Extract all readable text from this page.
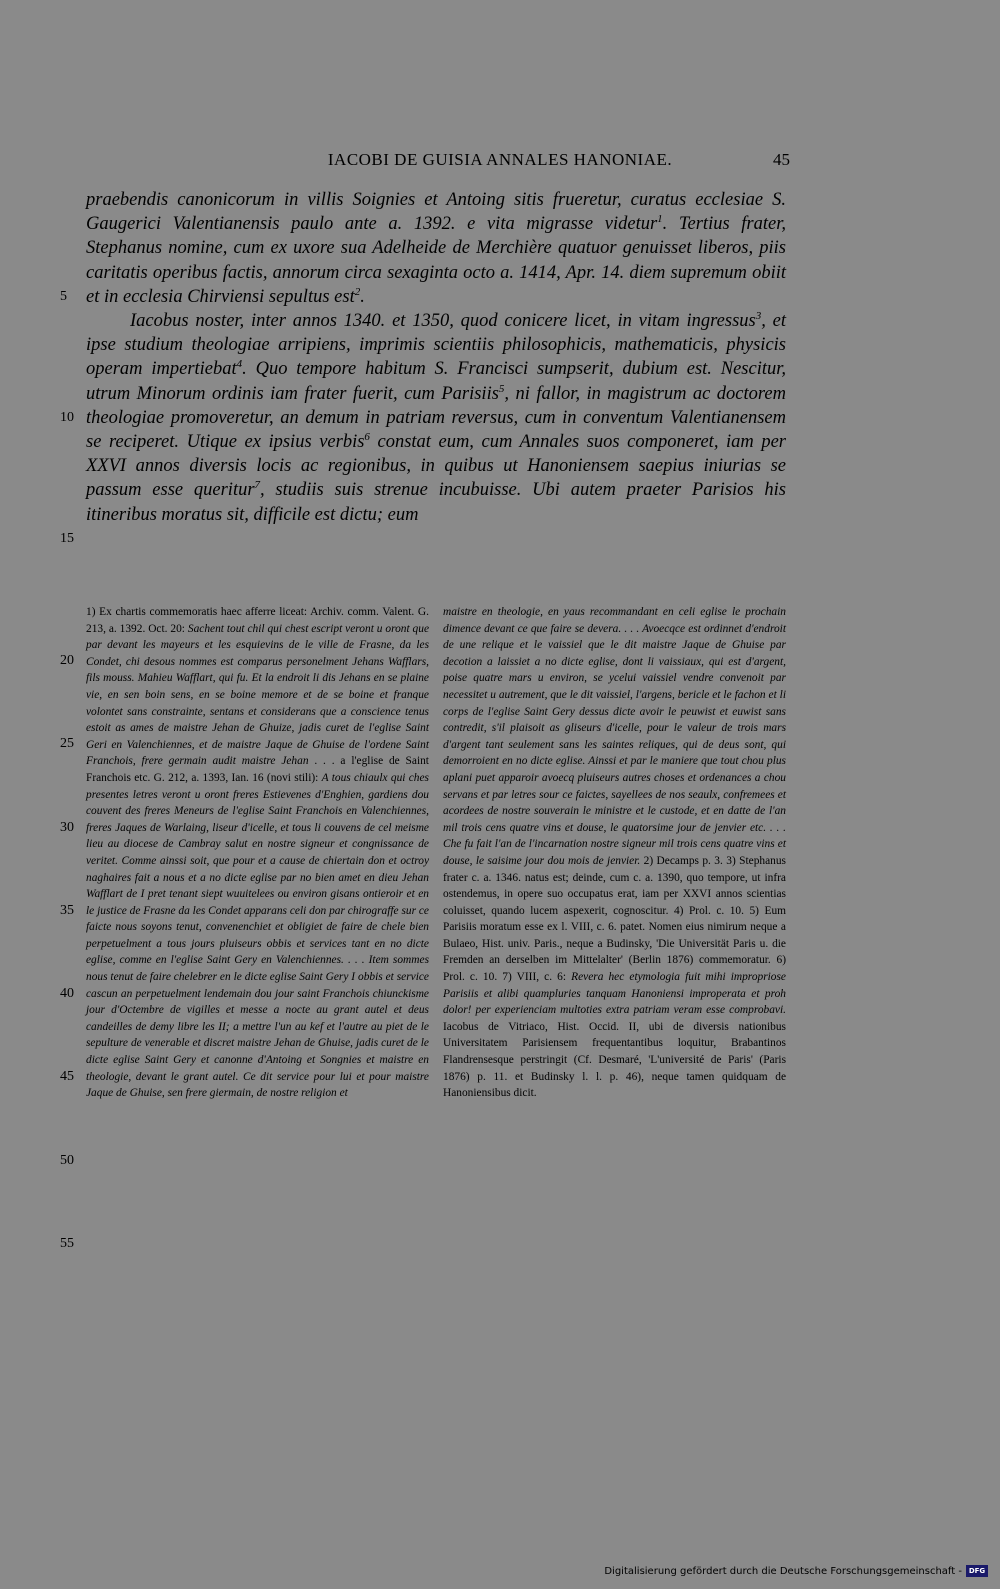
IACOBI DE GUISIA ANNALES HANONIAE.	45
5
10
15
20
25
30
35
40
45
50
55

praebendis canonicorum in villis Soignies et Antoing sitis frueretur, curatus ecclesiae S. Gaugerici Valentianensis paulo ante a. 1392. e vita migrasse videtur$^1$. Tertius frater, Stephanus nomine, cum ex uxore sua Adelheide de Merchière quatuor genuisset liberos, piis caritatis operibus factis, annorum circa sexaginta octo a. 1414, Apr. 14. diem supremum obiit et in ecclesia Chirviensi sepultus est$^2$.

Iacobus noster, inter annos 1340. et 1350, quod conicere licet, in vitam ingressus$^3$, et ipse studium theologiae arripiens, imprimis scientiis philosophicis, mathematicis, physicis operam impertiebat$^4$. Quo tempore habitum S. Francisci sumpserit, dubium est. Nescitur, utrum Minorum ordinis iam frater fuerit, cum Parisiis$^5$, ni fallor, in magistrum ac doctorem theologiae promoveretur, an demum in patriam reversus, cum in conventum Valentianensem se reciperet. Utique ex ipsius verbis$^6$ constat eum, cum Annales suos componeret, iam per XXVI annos diversis locis ac regionibus, in quibus ut Hanoniensem saepius iniurias se passum esse queritur$^7$, studiis suis strenue incubuisse. Ubi autem praeter Parisios his itineribus moratus sit, difficile est dictu; eum

1) Ex chartis commemoratis haec afferre liceat: Archiv. comm. Valent. G. 213, a. 1392. Oct. 20: Sachent tout chil qui chest escript veront u oront que par devant les mayeurs et les esquievins de le ville de Frasne, da les Condet, chi desous nommes est comparus personelment Jehans Wafflars, fils mouss. Mahieu Wafflart, qui fu. Et la endroit li dis Jehans en se plaine vie, en sen boin sens, en se boine memore et de se boine et franque volontet sans constrainte, sentans et considerans que a conscience tenus estoit as ames de maistre Jehan de Ghuize, jadis curet de l'eglise Saint Geri en Valenchiennes, et de maistre Jaque de Ghuise de l'ordene Saint Franchois, frere germain audit maistre Jehan . . . a l'eglise de Saint Franchois etc. G. 212, a. 1393, Ian. 16 (novi stili): A tous chiaulx qui ches presentes letres veront u oront freres Estievenes d'Enghien, gardiens dou couvent des freres Meneurs de l'eglise Saint Franchois en Valenchiennes, freres Jaques de Warlaing, liseur d'icelle, et tous li couvens de cel meisme lieu au diocese de Cambray salut en nostre signeur et congnissance de veritet. Comme ainssi soit, que pour et a cause de chiertain don et octroy naghaires fait a nous et a no dicte eglise par no bien amet en dieu Jehan Wafflart de I pret tenant siept wuuitelees ou environ gisans ontieroir et en le justice de Frasne da les Condet apparans celi don par chirograffe sur ce faicte nous soyons tenut, convenenchiet et obligiet de faire de chele bien perpetuelment a tous jours pluiseurs obbis et services tant en no dicte eglise, comme en l'eglise Saint Gery en Valenchiennes. . . . Item sommes nous tenut de faire chelebrer en le dicte eglise Saint Gery I obbis et service cascun an perpetuelment lendemain dou jour saint Franchois chiunckisme jour d'Octembre de vigilles et messe a nocte au grant autel et deus candeilles de demy libre les II; a mettre l'un au kef et l'autre au piet de le sepulture de venerable et discret maistre Jehan de Ghuise, jadis curet de le dicte eglise Saint Gery et canonne d'Antoing et Songnies et maistre en theologie, devant le grant autel. Ce dit service pour lui et pour maistre Jaque de Ghuise, sen frere giermain, de nostre religion et

maistre en theologie, en yaus recommandant en celi eglise le prochain dimence devant ce que faire se devera. . . . Avoecqce est ordinnet d'endroit de une relique et le vaissiel que le dit maistre Jaque de Ghuise par decotion a laissiet a no dicte eglise, dont li vaissiaux, qui est d'argent, poise quatre mars u environ, se ycelui vaissiel vendre convenoit par necessitet u autrement, que le dit vaissiel, l'argens, bericle et le fachon et li corps de l'eglise Saint Gery dessus dicte avoir le peuwist et euwist sans contredit, s'il plaisoit as gliseurs d'icelle, pour le valeur de trois mars d'argent tant seulement sans les saintes reliques, qui de deus sont, qui demorroient en no dicte eglise. Ainssi et par le maniere que tout chou plus aplani puet apparoir avoecq pluiseurs autres choses et ordenances a chou servans et par letres sour ce faictes, sayellees de nos seaulx, confremees et acordees de nostre souverain le ministre et le custode, et en datte de l'an mil trois cens quatre vins et douse, le quatorsime jour de jenvier etc. . . . Che fu fait l'an de l'incarnation nostre signeur mil trois cens quatre vins et douse, le saisime jour dou mois de jenvier. 2) Decamps p. 3. 3) Stephanus frater c. a. 1346. natus est; deinde, cum c. a. 1390, quo tempore, ut infra ostendemus, in opere suo occupatus erat, iam per XXVI annos scientias coluisset, quando lucem aspexerit, cognoscitur. 4) Prol. c. 10. 5) Eum Parisiis moratum esse ex l. VIII, c. 6. patet. Nomen eius nimirum neque a Bulaeo, Hist. univ. Paris., neque a Budinsky, 'Die Universität Paris u. die Fremden an derselben im Mittelalter' (Berlin 1876) commemoratur. 6) Prol. c. 10. 7) VIII, c. 6: Revera hec etymologia fuit mihi impropriose Parisiis et alibi quampluries tanquam Hanoniensi improperata et proh dolor! per experienciam multoties extra patriam veram esse comprobavi. Iacobus de Vitriaco, Hist. Occid. II, ubi de diversis nationibus Universitatem Parisiensem frequentantibus loquitur, Brabantinos Flandrensesque perstringit (Cf. Desmaré, 'L'université de Paris' (Paris 1876) p. 11. et Budinsky l. l. p. 46), neque tamen quidquam de Hanoniensibus dicit.

Digitalisierung gefördert durch die Deutsche Forschungsgemeinschaft - DFG
